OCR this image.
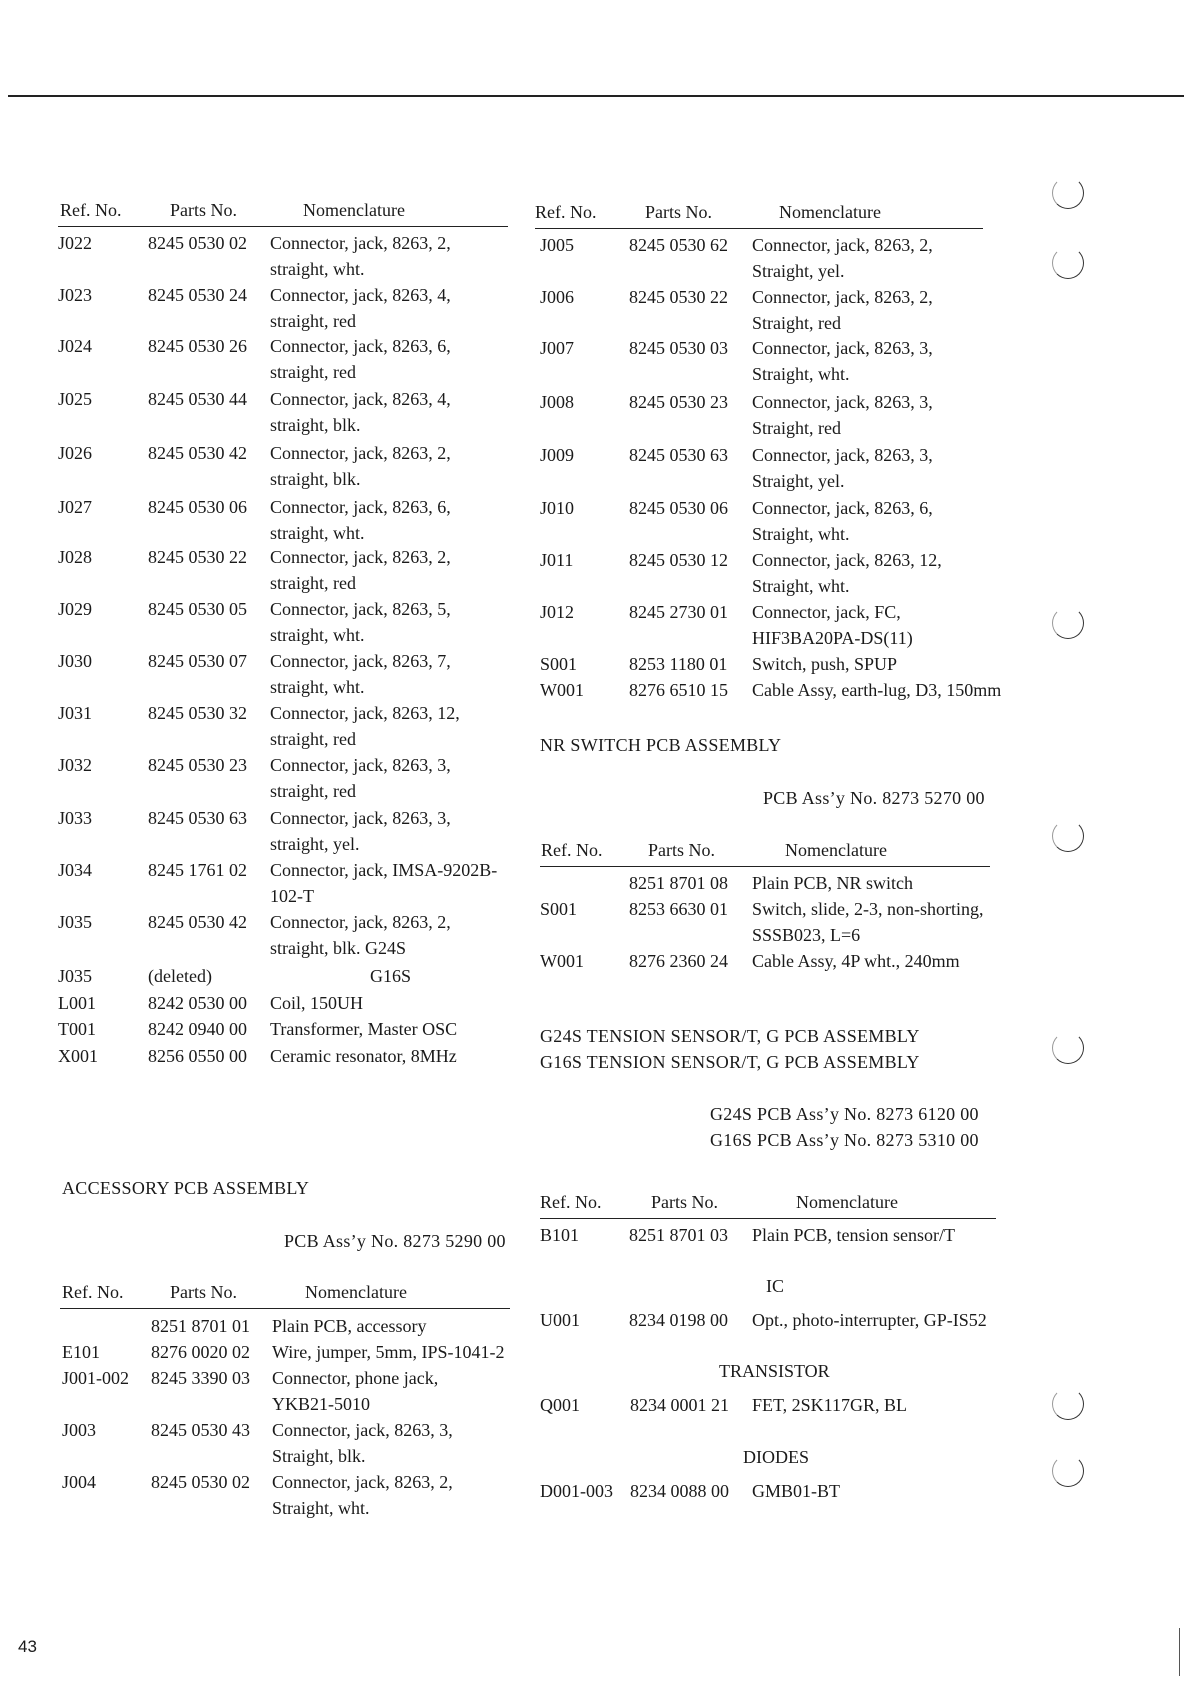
Ref. No.	Parts No.	Nomenclature
J022	8245 0530 02 Connector, jack, 8263, 2,
straight, wht.
J023	8245 0530 24 Connector, jack, 8263, 4,
straight, red
J024	8245 0530 26 Connector, jack, 8263, 6,
straight, red
J025	8245 0530 44 Connector, jack, 8263, 4,
straight, blk.
J026	8245 0530 42 Connector, jack, 8263, 2,
straight, blk.
J027	8245 0530 06 Connector, jack, 8263, 6,
straight, wht.
J028	8245 0530 22 Connector, jack, 8263, 2,
straight, red
J029	8245 0530 05 Connector, jack, 8263, 5,
straight, wht.
J030	8245 0530 07 Connector, jack, 8263, 7,
straight, wht.
J031	8245 0530 32 Connector, jack, 8263, 12,
straight, red
J032	8245 0530 23 Connector, jack, 8263, 3,
straight, red
J033	8245 0530 63 Connector, jack, 8263, 3,
straight, yel.
J034	8245 1761 02 Connector, jack, IMSA-9202B-
102-T
J035	8245 0530 42 Connector, jack, 8263, 2,
straight, blk. G24S
J035	(deleted)	G16S
L001	8242 0530 00 Coil, 150UH
T001	8242 0940 00 Transformer, Master OSC
X001	8256 0550 00 Ceramic resonator, 8MHz
ACCESSORY PCB ASSEMBLY
PCB Ass’y No. 8273 5290 00
Ref. No.	Parts No.	Nomenclature
8251 8701 01 Plain PCB, accessory
E101	8276 0020 02 Wire, jumper, 5mm, IPS-1041-2
J001-002 8245 3390 03 Connector, phone jack,
YKB21-5010
J003	8245 0530 43 Connector, jack, 8263, 3,
Straight, blk.
J004	8245 0530 02 Connector, jack, 8263, 2,
Straight, wht.
Ref. No.	Parts No.	Nomenclature
J005	8245 0530 62 Connector, jack, 8263, 2,
Straight, yel.
J006	8245 0530 22 Connector, jack, 8263, 2,
Straight, red
J007	8245 0530 03 Connector, jack, 8263, 3,
Straight, wht.
J008	8245 0530 23 Connector, jack, 8263, 3,
Straight, red
J009	8245 0530 63 Connector, jack, 8263, 3,
Straight, yel.
J010	8245 0530 06 Connector, jack, 8263, 6,
Straight, wht.
J011	8245 0530 12 Connector, jack, 8263, 12,
Straight, wht.
J012	8245 2730 01 Connector, jack, FC,
HIF3BA20PA-DS(11)
S001	8253 1180 01 Switch, push, SPUP
W001	8276 6510 15 Cable Assy, earth-lug, D3, 150mm
NR SWITCH PCB ASSEMBLY
PCB Ass’y No. 8273 5270 00
Ref. No.	Parts No.	Nomenclature
8251 8701 08 Plain PCB, NR switch
S001	8253 6630 01 Switch, slide, 2-3, non-shorting,
SSSB023, L=6
W001	8276 2360 24 Cable Assy, 4P wht., 240mm
G24S TENSION SENSOR/T, G PCB ASSEMBLY
G16S TENSION SENSOR/T, G PCB ASSEMBLY
G24S PCB Ass’y No. 8273 6120 00
G16S PCB Ass’y No. 8273 5310 00
Ref. No.	Parts No.	Nomenclature
B101	8251 8701 03 Plain PCB, tension sensor/T
IC
U001	8234 0198 00 Opt., photo-interrupter, GP-IS52
TRANSISTOR
Q001	8234 0001 21 FET, 2SK117GR, BL
DIODES
D001-003 8234 0088 00 GMB01-BT
43
